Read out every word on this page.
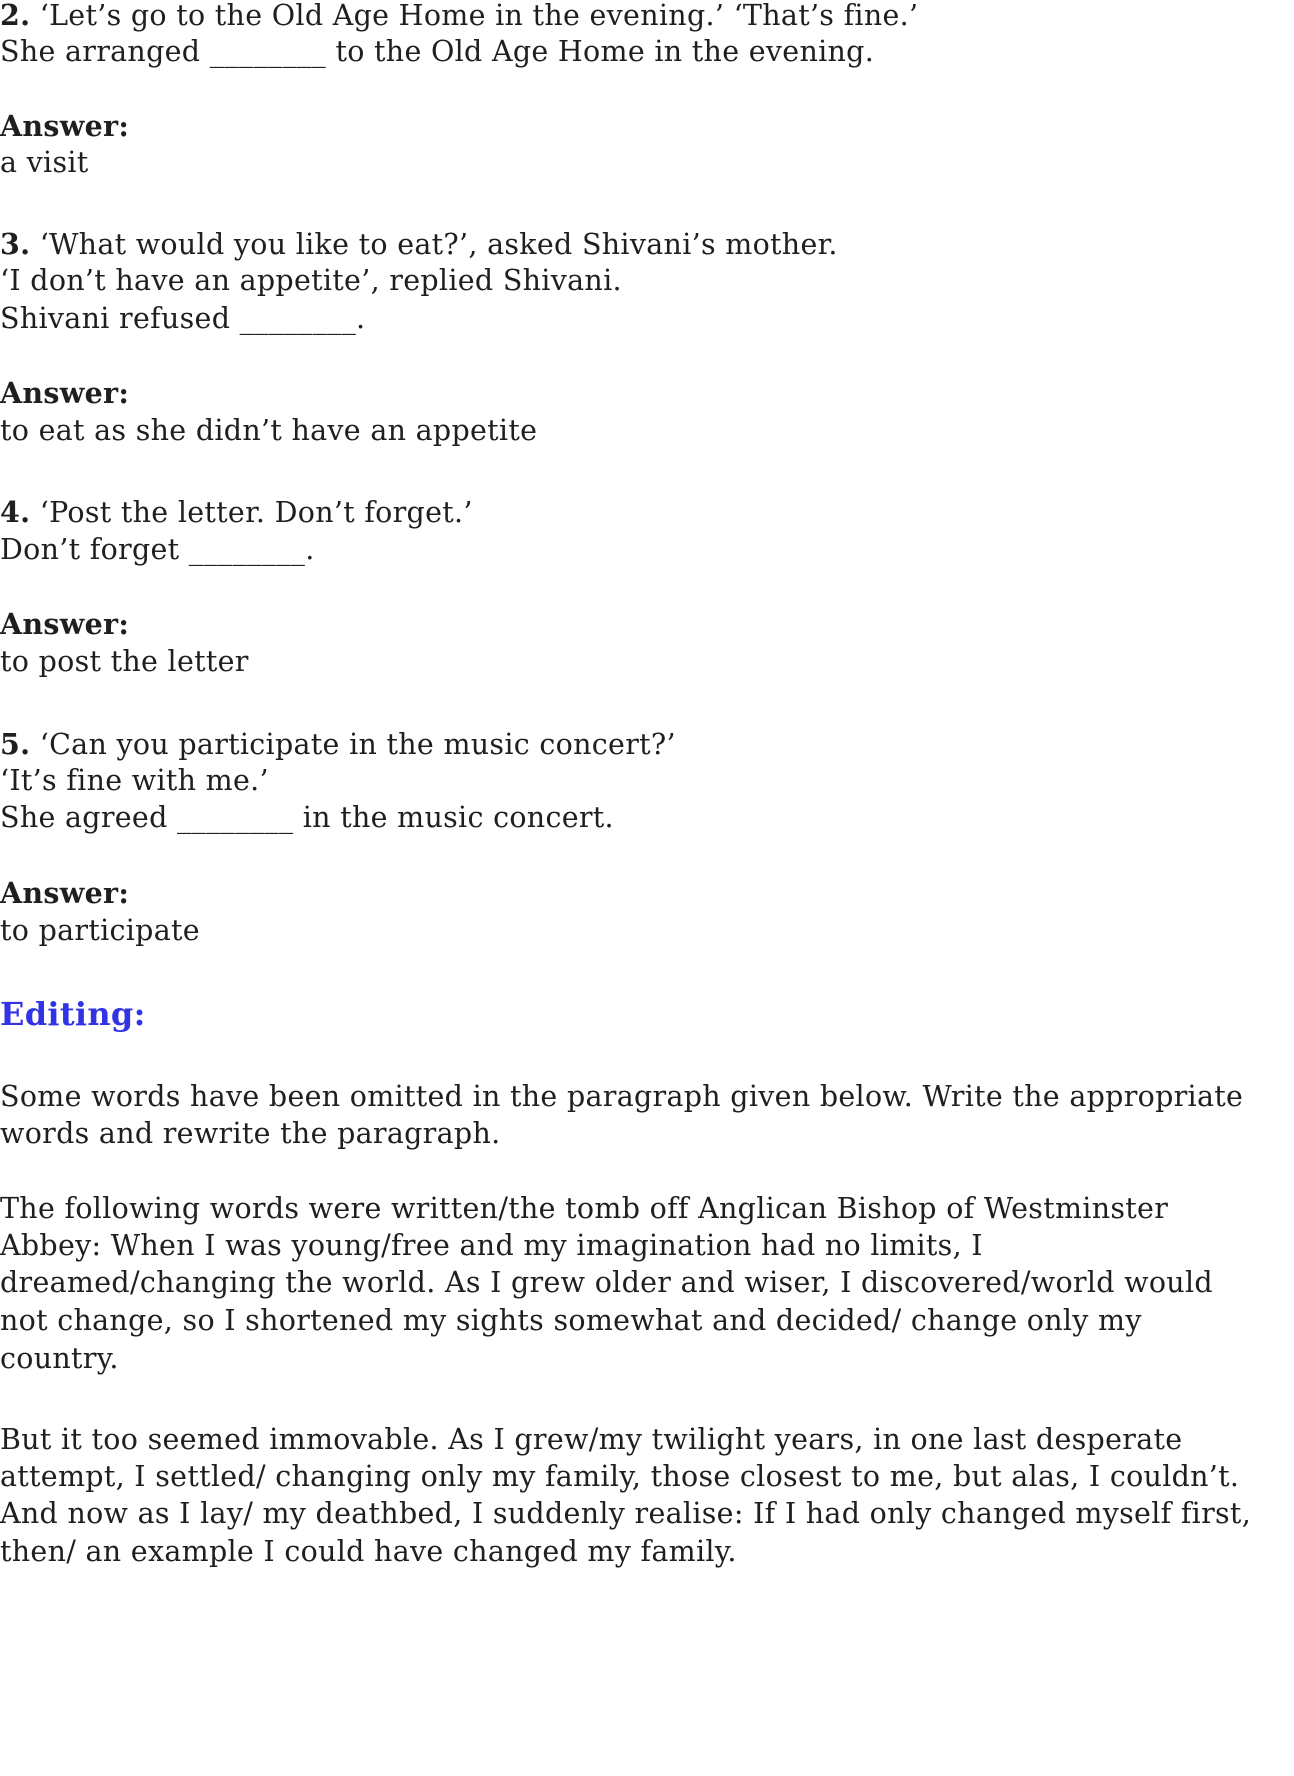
2. ‘Let’s go to the Old Age Home in the evening.’ ‘That’s fine.’
She arranged ________ to the Old Age Home in the evening.
Answer:
a visit
3. ‘What would you like to eat?’, asked Shivani’s mother.
‘I don’t have an appetite’, replied Shivani.
Shivani refused ________.
Answer:
to eat as she didn’t have an appetite
4. ‘Post the letter. Don’t forget.’
Don’t forget ________.
Answer:
to post the letter
5. ‘Can you participate in the music concert?’
‘It’s fine with me.’
She agreed ________ in the music concert.
Answer:
to participate
Editing:
Some words have been omitted in the paragraph given below. Write the appropriate
words and rewrite the paragraph.
The following words were written/the tomb off Anglican Bishop of Westminster
Abbey: When I was young/free and my imagination had no limits, I
dreamed/changing the world. As I grew older and wiser, I discovered/world would
not change, so I shortened my sights somewhat and decided/ change only my
country.
But it too seemed immovable. As I grew/my twilight years, in one last desperate
attempt, I settled/ changing only my family, those closest to me, but alas, I couldn’t.
And now as I lay/ my deathbed, I suddenly realise: If I had only changed myself first,
then/ an example I could have changed my family.
